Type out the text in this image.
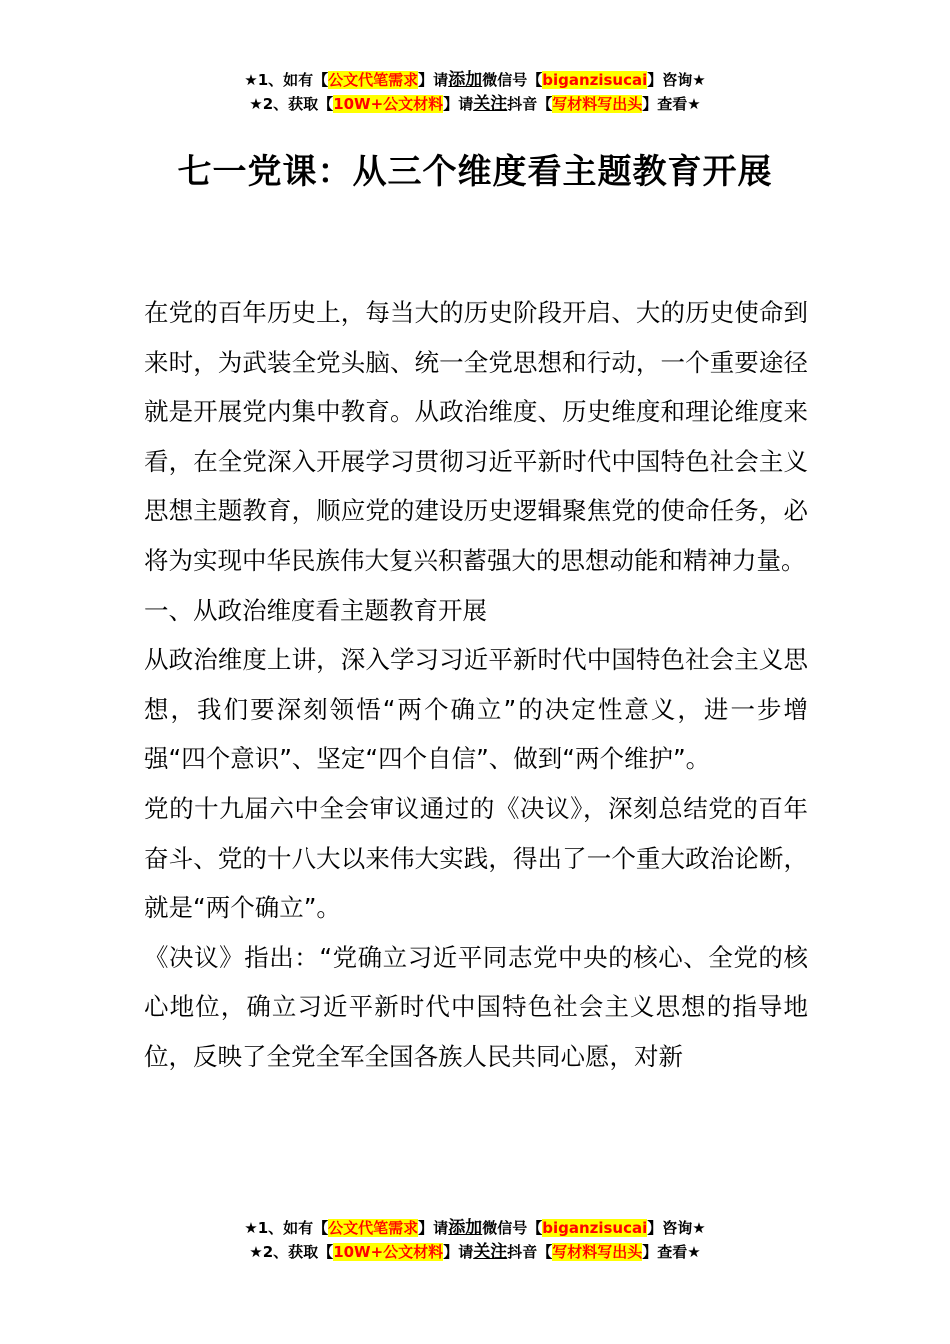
★1、如有【公文代笔需求】请添加微信号【biganzisucai】咨询★
★2、获取【10W+公文材料】请关注抖音【写材料写出头】查看★
七一党课：从三个维度看主题教育开展

在党的百年历史上，每当大的历史阶段开启、大的历史使命到来时，为武装全党头脑、统一全党思想和行动，一个重要途径就是开展党内集中教育。从政治维度、历史维度和理论维度来看，在全党深入开展学习贯彻习近平新时代中国特色社会主义思想主题教育，顺应党的建设历史逻辑聚焦党的使命任务，必将为实现中华民族伟大复兴积蓄强大的思想动能和精神力量。

一、从政治维度看主题教育开展

从政治维度上讲，深入学习习近平新时代中国特色社会主义思想，我们要深刻领悟“两个确立”的决定性意义，进一步增强“四个意识”、坚定“四个自信”、做到“两个维护”。

党的十九届六中全会审议通过的《决议》，深刻总结党的百年奋斗、党的十八大以来伟大实践，得出了一个重大政治论断，就是“两个确立”。

《决议》指出：“党确立习近平同志党中央的核心、全党的核心地位，确立习近平新时代中国特色社会主义思想的指导地位，反映了全党全军全国各族人民共同心愿，对新

★1、如有【公文代笔需求】请添加微信号【biganzisucai】咨询★
★2、获取【10W+公文材料】请关注抖音【写材料写出头】查看★
